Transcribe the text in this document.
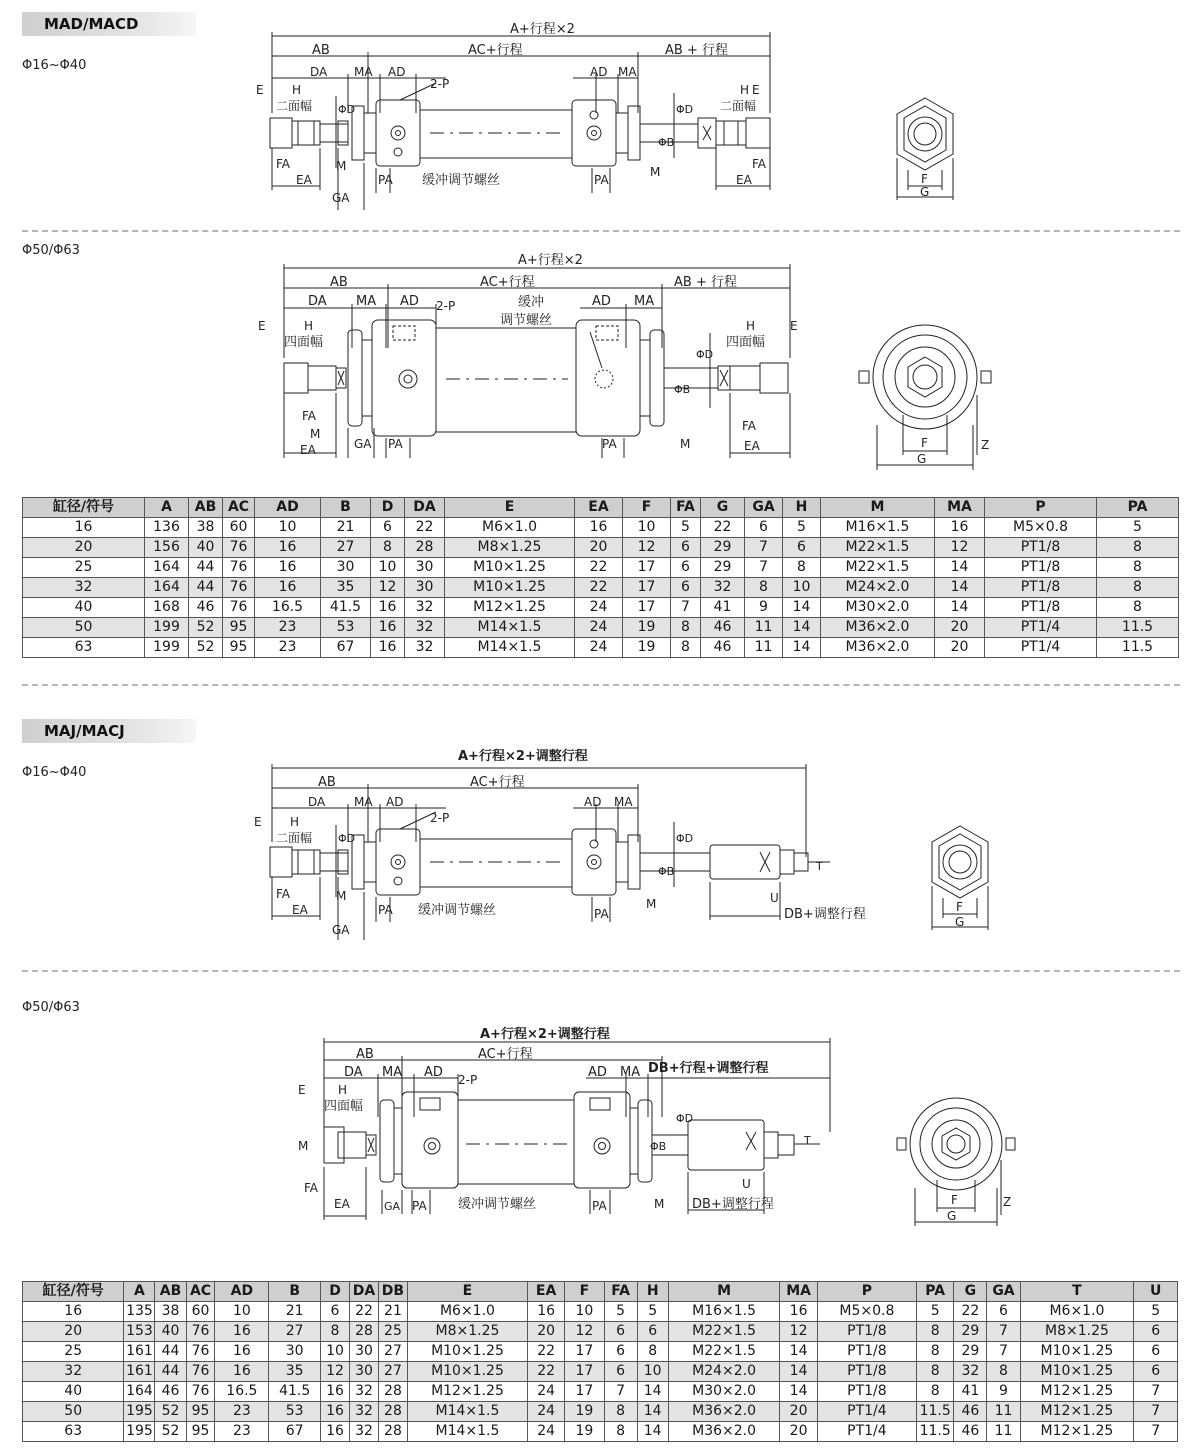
MAD/MACD
Φ16~Φ40
A+行程×2
AB	AC+行程	AB + 行程
DA MA AD	AD MA
2-P
E H
二面幅
E
H
二面幅
ΦD	ΦD
ΦB
FA	FA
M	M
EA	EA
PA	PA
缓冲调节螺丝
GA
F
G
Φ50/Φ63
A+行程×2
AB	AC+行程	AB + 行程
DA MA AD	AD MA
2-P	缓冲
调节螺丝
E	H
四面幅
E
H
四面幅
ΦD
ΦB
FA
FA
M
M
EA	EA
GA PA	PA	F
G
Z
缸径/符号	A	AB	AC	AD	B	D	DA	E	EA	F	FA	G	GA	H	M	MA	P	PA
16	136	38	60	10	21	6	22	M6×1.0	16	10	5	22	6	5	M16×1.5	16	M5×0.8	5
20	156	40	76	16	27	8	28	M8×1.25	20	12	6	29	7	6	M22×1.5	12	PT1/8	8
25	164	44	76	16	30	10	30	M10×1.25	22	17	6	29	7	8	M22×1.5	14	PT1/8	8
32	164	44	76	16	35	12	30	M10×1.25	22	17	6	32	8	10	M24×2.0	14	PT1/8	8
40	168	46	76	16.5	41.5	16	32	M12×1.25	24	17	7	41	9	14	M30×2.0	14	PT1/8	8
50	199	52	95	23	53	16	32	M14×1.5	24	19	8	46	11	14	M36×2.0	20	PT1/4	11.5
63	199	52	95	23	67	16	32	M14×1.5	24	19	8	46	11	14	M36×2.0	20	PT1/4	11.5
MAJ/MACJ
Φ16~Φ40
A+行程×2+调整行程
AB	AC+行程
DA MA AD	AD MA
2-P
E H
二面幅 ΦD	ΦD
ΦB	T
U
FA	M
M
EA	PA	PA
缓冲调节螺丝	DB+调整行程
GA
F
G
Φ50/Φ63
A+行程×2+调整行程
AB	AC+行程
DA MA AD	AD MA
2-P
DB+行程+调整行程
E	H
四面幅
M
ΦD
ΦB	T
U
FA
EA	GA PA 缓冲调节螺丝	PA	M DB+调整行程	F
G
Z
缸径/符号	A	AB	AC	AD	B	D	DA	DB	E	EA	F	FA	H	M	MA	P	PA	G	GA	T	U
16	135	38	60	10	21	6	22	21	M6×1.0	16	10	5	5	M16×1.5	16	M5×0.8	5	22	6	M6×1.0	5
20	153	40	76	16	27	8	28	25	M8×1.25	20	12	6	6	M22×1.5	12	PT1/8	8	29	7	M8×1.25	6
25	161	44	76	16	30	10	30	27	M10×1.25	22	17	6	8	M22×1.5	14	PT1/8	8	29	7	M10×1.25	6
32	161	44	76	16	35	12	30	27	M10×1.25	22	17	6	10	M24×2.0	14	PT1/8	8	32	8	M10×1.25	6
40	164	46	76	16.5	41.5	16	32	28	M12×1.25	24	17	7	14	M30×2.0	14	PT1/8	8	41	9	M12×1.25	7
50	195	52	95	23	53	16	32	28	M14×1.5	24	19	8	14	M36×2.0	20	PT1/4	11.5	46	11	M12×1.25	7
63	195	52	95	23	67	16	32	28	M14×1.5	24	19	8	14	M36×2.0	20	PT1/4	11.5	46	11	M12×1.25	7
